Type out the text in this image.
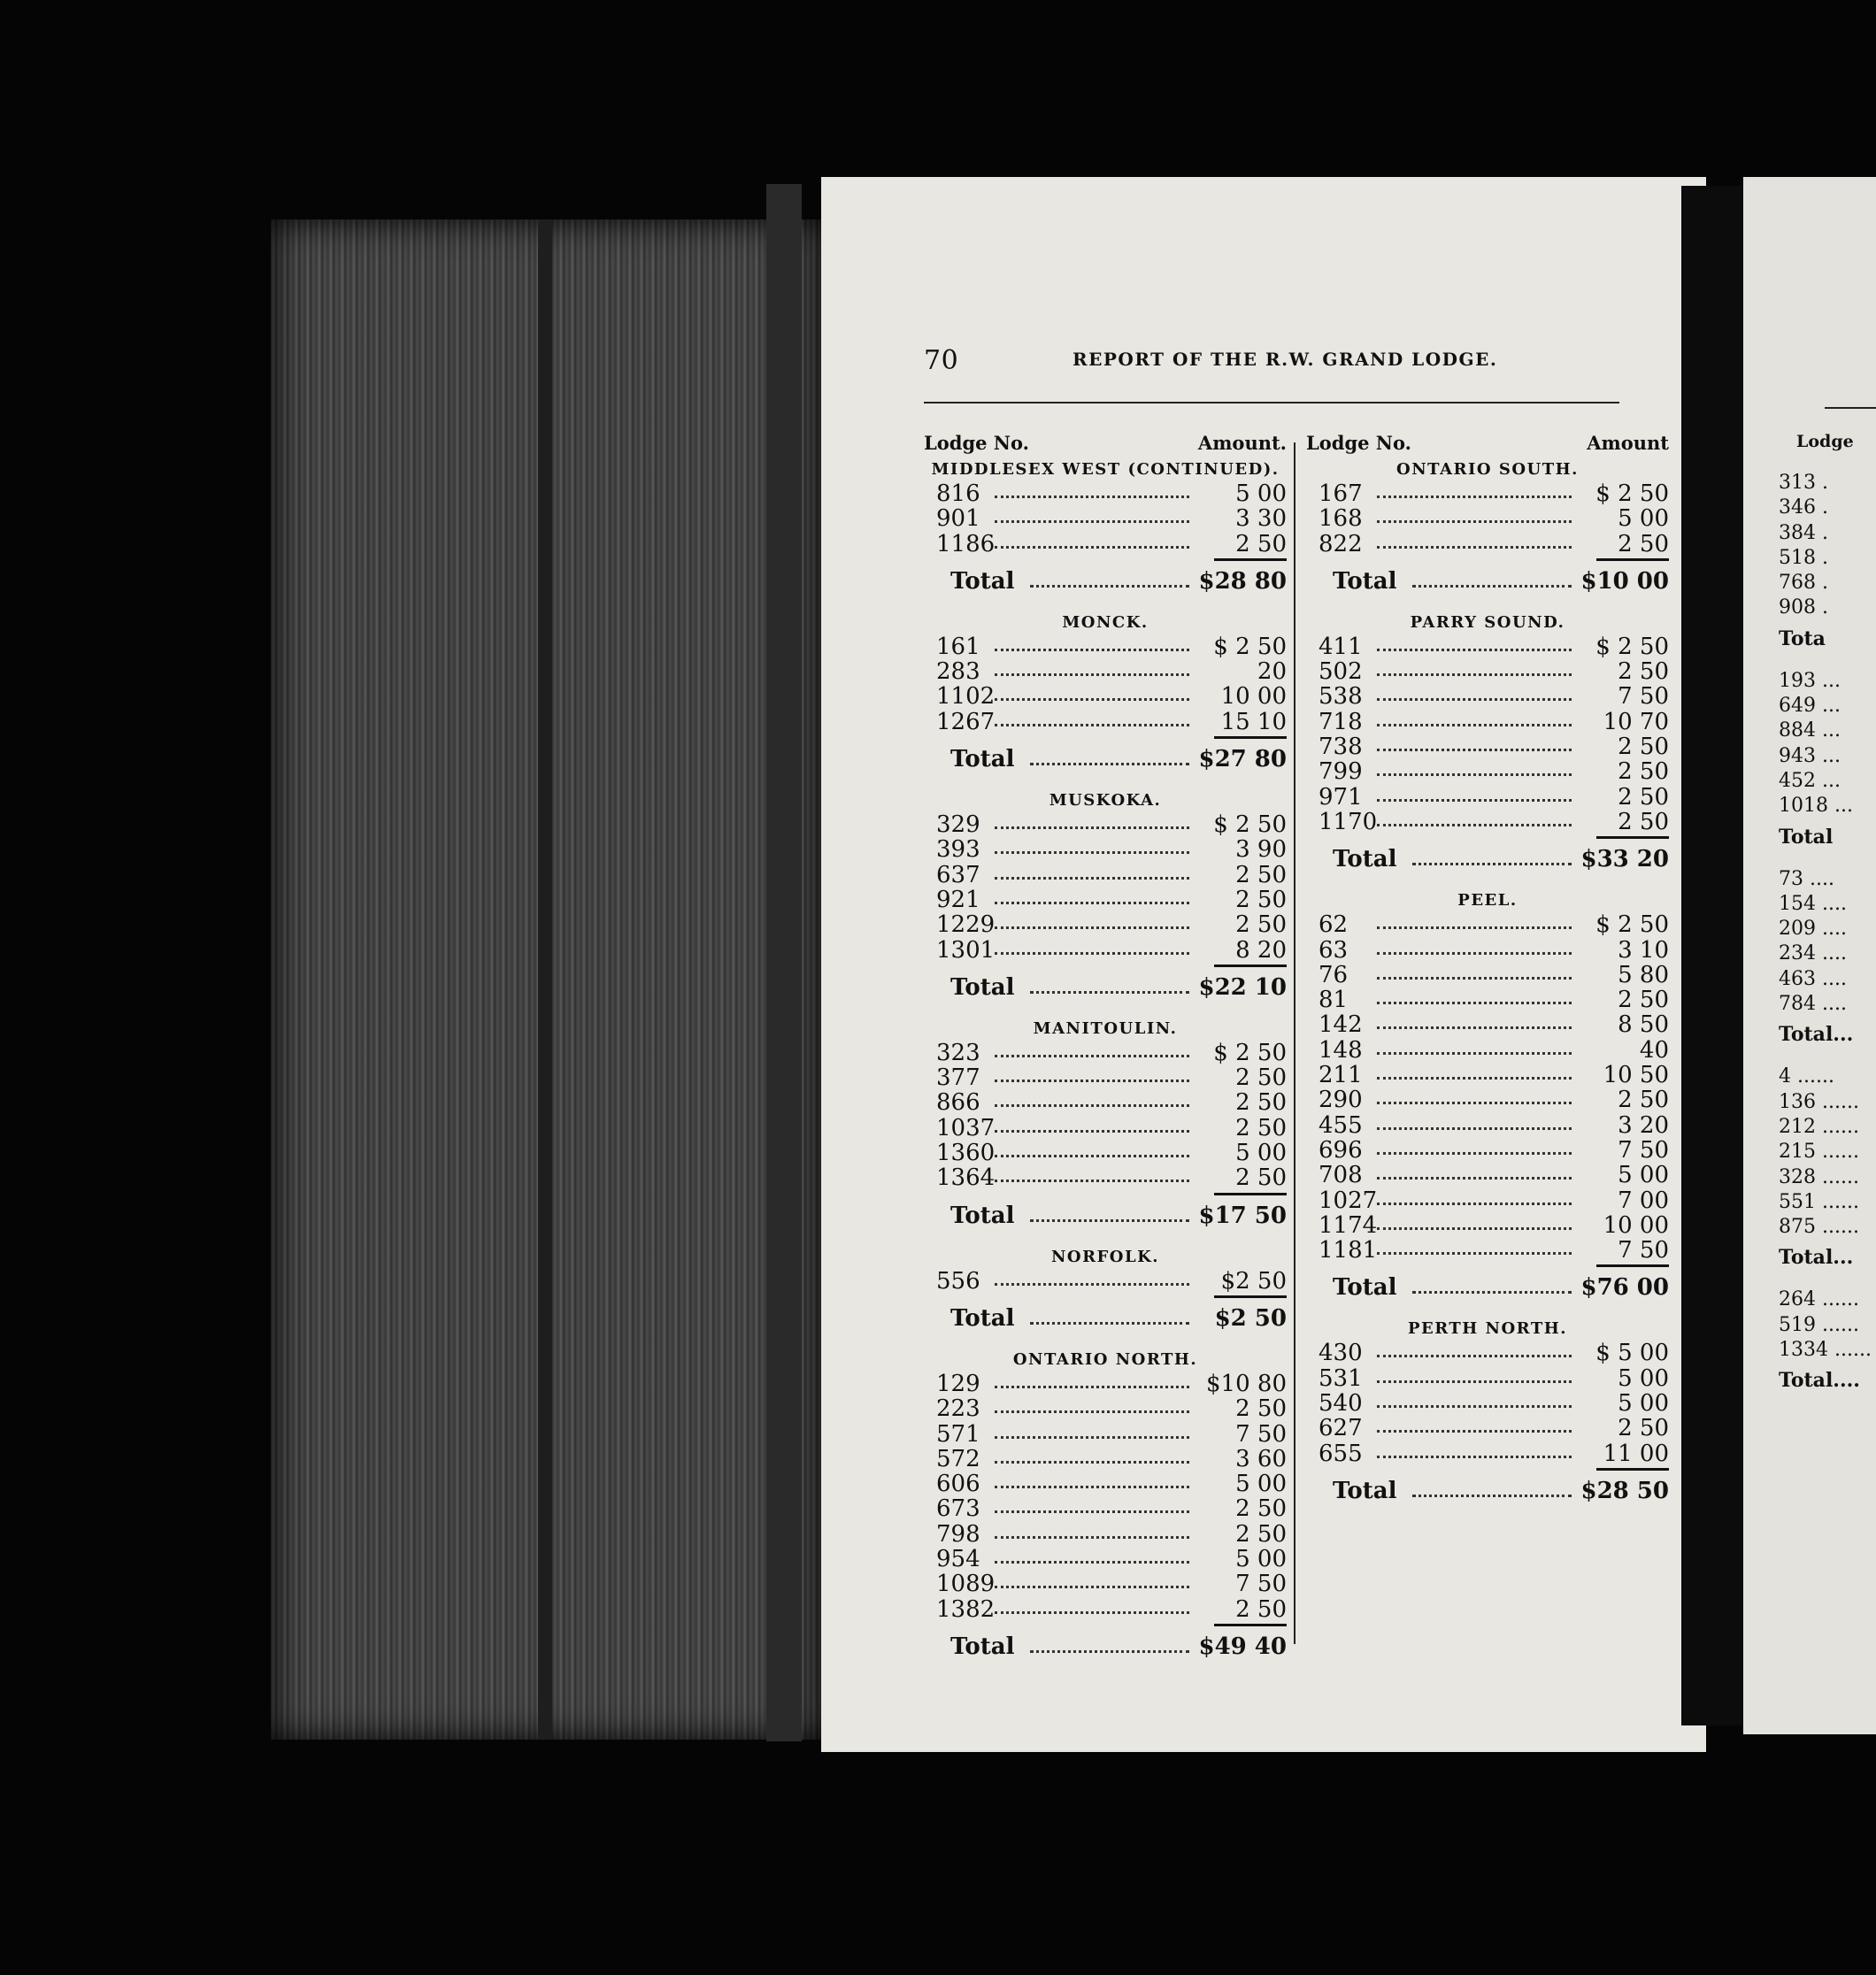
70	REPORT OF THE R.W. GRAND LODGE.
Lodge No.	Amount.
MIDDLESEX WEST (CONTINUED).
816	5 00
901	3 30
1186	2 50
Total	$28 80
MONCK.
161	$ 2 50
283	20
1102	10 00
1267	15 10
Total	$27 80
MUSKOKA.
329	$ 2 50
393	3 90
637	2 50
921	2 50
1229	2 50
1301	8 20
Total	$22 10
MANITOULIN.
323	$ 2 50
377	2 50
866	2 50
1037	2 50
1360	5 00
1364	2 50
Total	$17 50
NORFOLK.
556	$2 50
Total	$2 50
ONTARIO NORTH.
129	$10 80
223	2 50
571	7 50
572	3 60
606	5 00
673	2 50
798	2 50
954	5 00
1089	7 50
1382	2 50
Total	$49 40
Lodge No.	Amount
ONTARIO SOUTH.
167	$ 2 50
168	5 00
822	2 50
Total	$10 00
PARRY SOUND.
411	$ 2 50
502	2 50
538	7 50
718	10 70
738	2 50
799	2 50
971	2 50
1170	2 50
Total	$33 20
PEEL.
62	$ 2 50
63	3 10
76	5 80
81	2 50
142	8 50
148	40
211	10 50
290	2 50
455	3 20
696	7 50
708	5 00
1027	7 00
1174	10 00
1181	7 50
Total	$76 00
PERTH NORTH.
430	$ 5 00
531	5 00
540	5 00
627	2 50
655	11 00
Total	$28 50
Lodge
313 .
346 .
384 .
518 .
768 .
908 .
Tota
193 ...
649 ...
884 ...
943 ...
452 ...
1018 ...
Total
73 ....
154 ....
209 ....
234 ....
463 ....
784 ....
Total...
4 ......
136 ......
212 ......
215 ......
328 ......
551 ......
875 ......
Total...
264 ......
519 ......
1334 ......
Total....
